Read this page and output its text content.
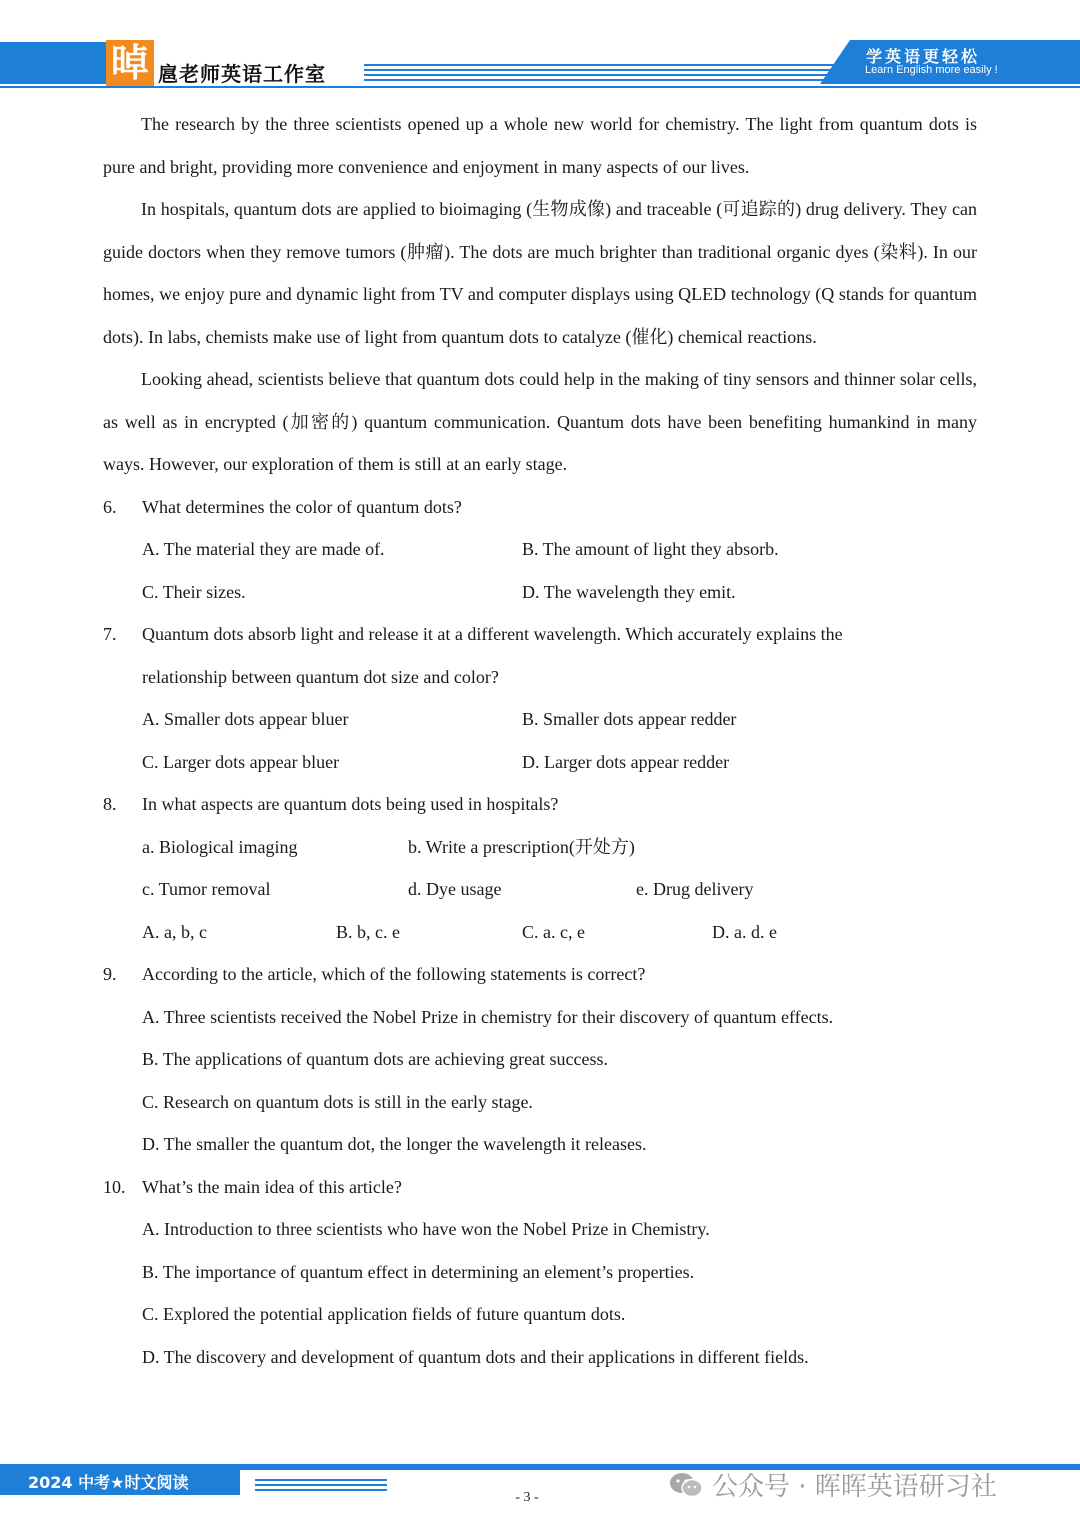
晫 扈老师英语工作室
学英语更轻松
Learn English more easily !

The research by the three scientists opened up a whole new world for chemistry. The light from quantum dots is pure and bright, providing more convenience and enjoyment in many aspects of our lives.

In hospitals, quantum dots are applied to bioimaging (生物成像) and traceable (可追踪的) drug delivery. They can guide doctors when they remove tumors (肿瘤). The dots are much brighter than traditional organic dyes (染料). In our homes, we enjoy pure and dynamic light from TV and computer displays using QLED technology (Q stands for quantum dots). In labs, chemists make use of light from quantum dots to catalyze (催化) chemical reactions.

Looking ahead, scientists believe that quantum dots could help in the making of tiny sensors and thinner solar cells, as well as in encrypted (加密的) quantum communication. Quantum dots have been benefiting humankind in many ways. However, our exploration of them is still at an early stage.

6. What determines the color of quantum dots?

A. The material they are made of.	B. The amount of light they absorb.
C. Their sizes.	D. The wavelength they emit.

7. Quantum dots absorb light and release it at a different wavelength. Which accurately explains the relationship between quantum dot size and color?

A. Smaller dots appear bluer	B. Smaller dots appear redder
C. Larger dots appear bluer	D. Larger dots appear redder

8. In what aspects are quantum dots being used in hospitals?

a. Biological imaging	b. Write a prescription(开处方)
c. Tumor removal	d. Dye usage	e. Drug delivery
A. a, b, c	B. b, c. e	C. a. c, e	D. a. d. e

9. According to the article, which of the following statements is correct?

A. Three scientists received the Nobel Prize in chemistry for their discovery of quantum effects.

B. The applications of quantum dots are achieving great success.

C. Research on quantum dots is still in the early stage.

D. The smaller the quantum dot, the longer the wavelength it releases.

10. What’s the main idea of this article?

A. Introduction to three scientists who have won the Nobel Prize in Chemistry.

B. The importance of quantum effect in determining an element’s properties.

C. Explored the potential application fields of future quantum dots.

D. The discovery and development of quantum dots and their applications in different fields.

2024 中考★时文阅读	公众号 · 晖晖英语研习社
- 3 -
